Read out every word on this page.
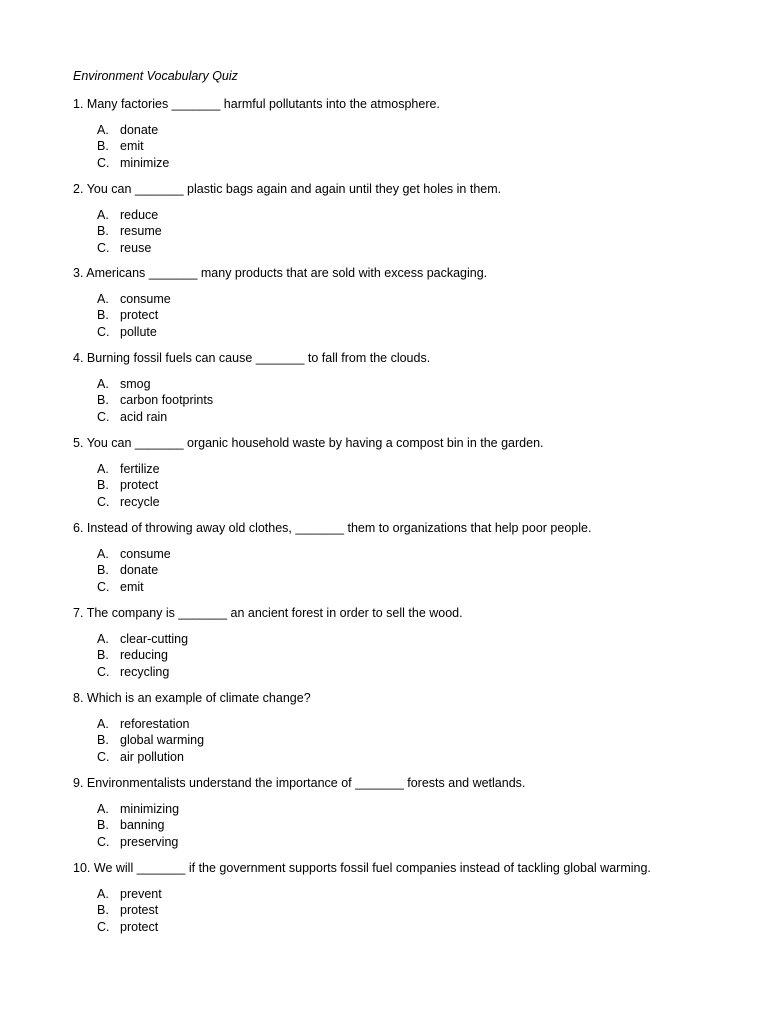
Environment Vocabulary Quiz
1. Many factories _______ harmful pollutants into the atmosphere.
A. donate
B. emit
C. minimize
2. You can _______ plastic bags again and again until they get holes in them.
A. reduce
B. resume
C. reuse
3. Americans _______ many products that are sold with excess packaging.
A. consume
B. protect
C. pollute
4. Burning fossil fuels can cause _______ to fall from the clouds.
A. smog
B. carbon footprints
C. acid rain
5. You can _______ organic household waste by having a compost bin in the garden.
A. fertilize
B. protect
C. recycle
6. Instead of throwing away old clothes, _______ them to organizations that help poor people.
A. consume
B. donate
C. emit
7. The company is _______ an ancient forest in order to sell the wood.
A. clear-cutting
B. reducing
C. recycling
8. Which is an example of climate change?
A. reforestation
B. global warming
C. air pollution
9. Environmentalists understand the importance of _______ forests and wetlands.
A. minimizing
B. banning
C. preserving
10. We will _______ if the government supports fossil fuel companies instead of tackling global warming.
A. prevent
B. protest
C. protect
